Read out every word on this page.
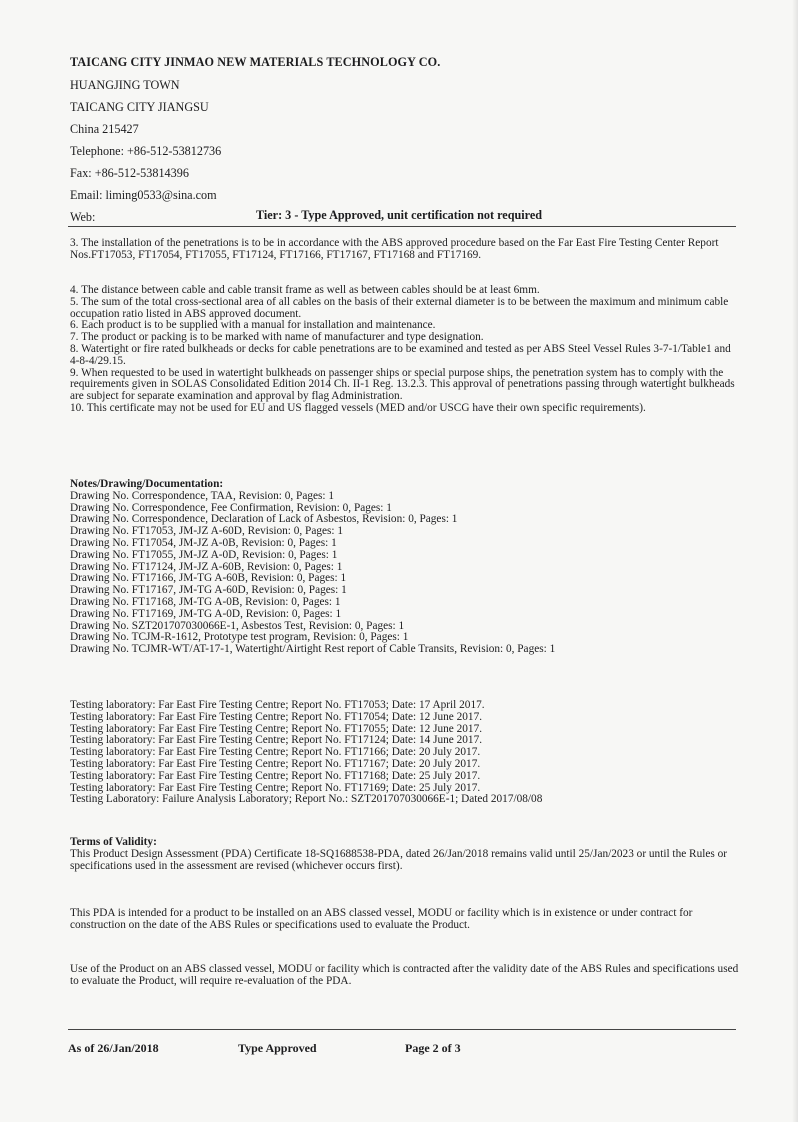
TAICANG CITY JINMAO NEW MATERIALS TECHNOLOGY CO.
HUANGJING TOWN
TAICANG CITY JIANGSU
China 215427
Telephone: +86-512-53812736
Fax: +86-512-53814396
Email: liming0533@sina.com
Web:	Tier: 3 - Type Approved, unit certification not required

3. The installation of the penetrations is to be in accordance with the ABS approved procedure based on the Far East Fire Testing Center Report Nos.FT17053, FT17054, FT17055, FT17124, FT17166, FT17167, FT17168 and FT17169.

4. The distance between cable and cable transit frame as well as between cables should be at least 6mm.

5. The sum of the total cross-sectional area of all cables on the basis of their external diameter is to be between the maximum and minimum cable occupation ratio listed in ABS approved document.

6. Each product is to be supplied with a manual for installation and maintenance.

7. The product or packing is to be marked with name of manufacturer and type designation.

8. Watertight or fire rated bulkheads or decks for cable penetrations are to be examined and tested as per ABS Steel Vessel Rules 3-7-1/Table1 and 4-8-4/29.15.

9. When requested to be used in watertight bulkheads on passenger ships or special purpose ships, the penetration system has to comply with the requirements given in SOLAS Consolidated Edition 2014 Ch. II-1 Reg. 13.2.3. This approval of penetrations passing through watertight bulkheads are subject for separate examination and approval by flag Administration.

10. This certificate may not be used for EU and US flagged vessels (MED and/or USCG have their own specific requirements).

Notes/Drawing/Documentation:

Drawing No. Correspondence, TAA, Revision: 0, Pages: 1

Drawing No. Correspondence, Fee Confirmation, Revision: 0, Pages: 1

Drawing No. Correspondence, Declaration of Lack of Asbestos, Revision: 0, Pages: 1

Drawing No. FT17053, JM-JZ A-60D, Revision: 0, Pages: 1

Drawing No. FT17054, JM-JZ A-0B, Revision: 0, Pages: 1

Drawing No. FT17055, JM-JZ A-0D, Revision: 0, Pages: 1

Drawing No. FT17124, JM-JZ A-60B, Revision: 0, Pages: 1

Drawing No. FT17166, JM-TG A-60B, Revision: 0, Pages: 1

Drawing No. FT17167, JM-TG A-60D, Revision: 0, Pages: 1

Drawing No. FT17168, JM-TG A-0B, Revision: 0, Pages: 1

Drawing No. FT17169, JM-TG A-0D, Revision: 0, Pages: 1

Drawing No. SZT201707030066E-1, Asbestos Test, Revision: 0, Pages: 1

Drawing No. TCJM-R-1612, Prototype test program, Revision: 0, Pages: 1

Drawing No. TCJMR-WT/AT-17-1, Watertight/Airtight Rest report of Cable Transits, Revision: 0, Pages: 1

Testing laboratory: Far East Fire Testing Centre; Report No. FT17053; Date: 17 April 2017.

Testing laboratory: Far East Fire Testing Centre; Report No. FT17054; Date: 12 June 2017.

Testing laboratory: Far East Fire Testing Centre; Report No. FT17055; Date: 12 June 2017.

Testing laboratory: Far East Fire Testing Centre; Report No. FT17124; Date: 14 June 2017.

Testing laboratory: Far East Fire Testing Centre; Report No. FT17166; Date: 20 July 2017.

Testing laboratory: Far East Fire Testing Centre; Report No. FT17167; Date: 20 July 2017.

Testing laboratory: Far East Fire Testing Centre; Report No. FT17168; Date: 25 July 2017.

Testing laboratory: Far East Fire Testing Centre; Report No. FT17169; Date: 25 July 2017.

Testing Laboratory: Failure Analysis Laboratory; Report No.: SZT201707030066E-1; Dated 2017/08/08

Terms of Validity:

This Product Design Assessment (PDA) Certificate 18-SQ1688538-PDA, dated 26/Jan/2018 remains valid until 25/Jan/2023 or until the Rules or specifications used in the assessment are revised (whichever occurs first).

This PDA is intended for a product to be installed on an ABS classed vessel, MODU or facility which is in existence or under contract for construction on the date of the ABS Rules or specifications used to evaluate the Product.

Use of the Product on an ABS classed vessel, MODU or facility which is contracted after the validity date of the ABS Rules and specifications used to evaluate the Product, will require re-evaluation of the PDA.

As of 26/Jan/2018	Type Approved	Page 2 of 3
